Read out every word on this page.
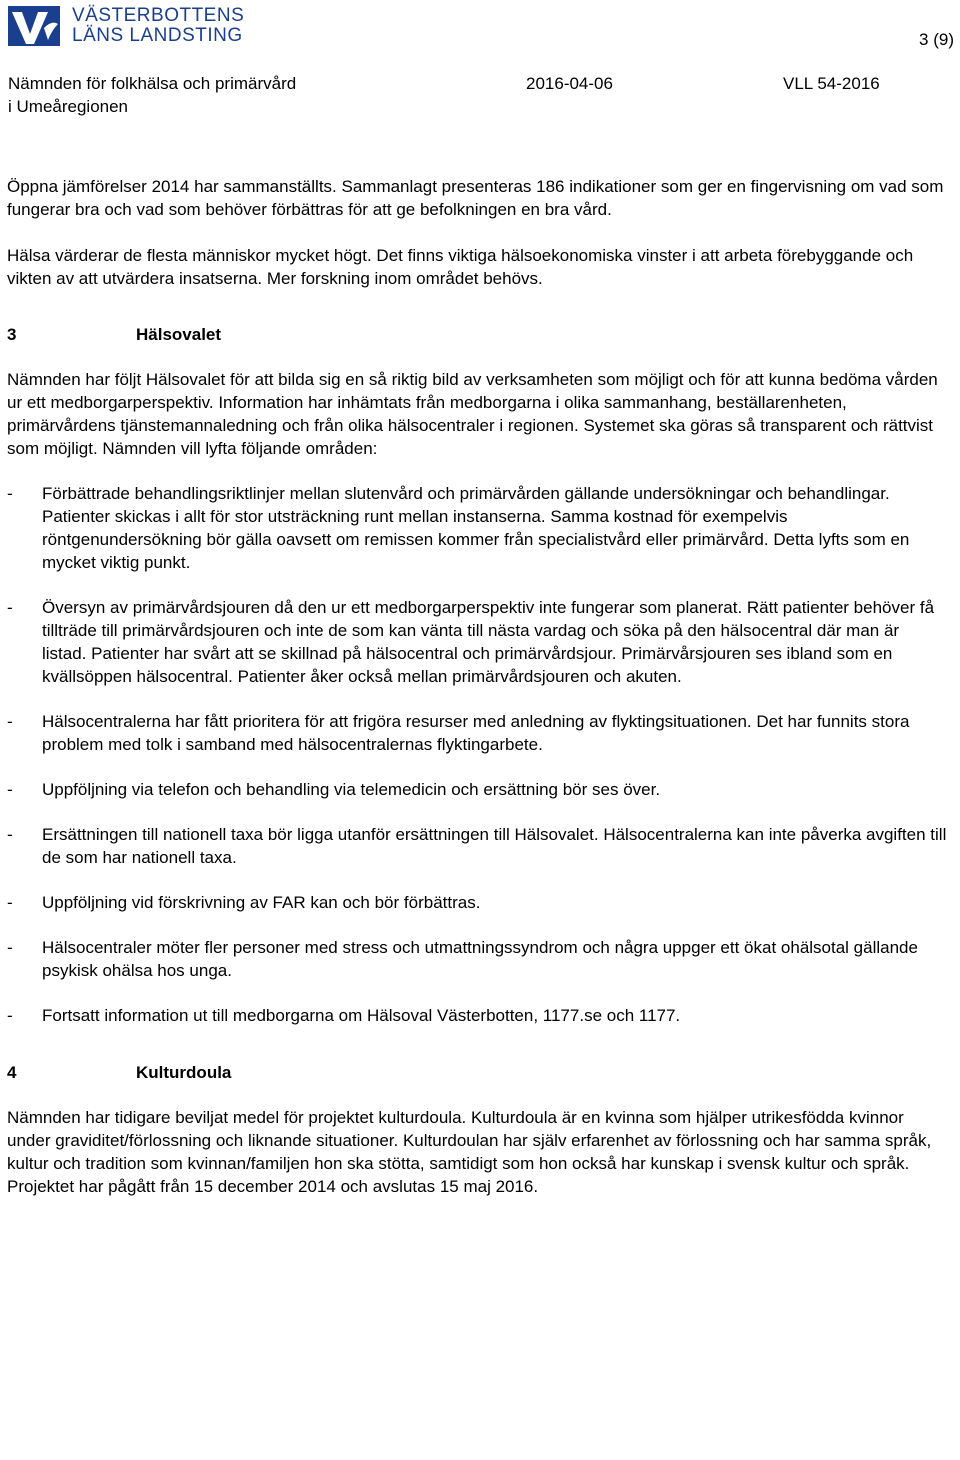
VÄSTERBOTTENS
LÄNS LANDSTING	3 (9)
Nämnden för folkhälsa och primärvård
i Umeåregionen
2016-04-06	VLL 54-2016

Öppna jämförelser 2014 har sammanställts. Sammanlagt presenteras 186 indikationer som ger en fingervisning om vad som fungerar bra och vad som behöver förbättras för att ge befolkningen en bra vård.

Hälsa värderar de flesta människor mycket högt. Det finns viktiga hälsoekonomiska vinster i att arbeta förebyggande och vikten av att utvärdera insatserna. Mer forskning inom området behövs.

3	Hälsovalet

Nämnden har följt Hälsovalet för att bilda sig en så riktig bild av verksamheten som möjligt och för att kunna bedöma vården ur ett medborgarperspektiv. Information har inhämtats från medborgarna i olika sammanhang, beställarenheten, primärvårdens tjänstemannaledning och från olika hälsocentraler i regionen. Systemet ska göras så transparent och rättvist som möjligt. Nämnden vill lyfta följande områden:

-	Förbättrade behandlingsriktlinjer mellan slutenvård och primärvården gällande undersökningar och behandlingar. Patienter skickas i allt för stor utsträckning runt mellan instanserna. Samma kostnad för exempelvis röntgenundersökning bör gälla oavsett om remissen kommer från specialistvård eller primärvård. Detta lyfts som en mycket viktig punkt.
-	Översyn av primärvårdsjouren då den ur ett medborgarperspektiv inte fungerar som planerat. Rätt patienter behöver få tillträde till primärvårdsjouren och inte de som kan vänta till nästa vardag och söka på den hälsocentral där man är listad. Patienter har svårt att se skillnad på hälsocentral och primärvårdsjour. Primärvårsjouren ses ibland som en kvällsöppen hälsocentral. Patienter åker också mellan primärvårdsjouren och akuten.
-	Hälsocentralerna har fått prioritera för att frigöra resurser med anledning av flyktingsituationen. Det har funnits stora problem med tolk i samband med hälsocentralernas flyktingarbete.
-	Uppföljning via telefon och behandling via telemedicin och ersättning bör ses över.
-	Ersättningen till nationell taxa bör ligga utanför ersättningen till Hälsovalet. Hälsocentralerna kan inte påverka avgiften till de som har nationell taxa.
-	Uppföljning vid förskrivning av FAR kan och bör förbättras.
-	Hälsocentraler möter fler personer med stress och utmattningssyndrom och några uppger ett ökat ohälsotal gällande psykisk ohälsa hos unga.
-	Fortsatt information ut till medborgarna om Hälsoval Västerbotten, 1177.se och 1177.

4	Kulturdoula

Nämnden har tidigare beviljat medel för projektet kulturdoula. Kulturdoula är en kvinna som hjälper utrikesfödda kvinnor under graviditet/förlossning och liknande situationer. Kulturdoulan har själv erfarenhet av förlossning och har samma språk, kultur och tradition som kvinnan/familjen hon ska stötta, samtidigt som hon också har kunskap i svensk kultur och språk. Projektet har pågått från 15 december 2014 och avslutas 15 maj 2016.
